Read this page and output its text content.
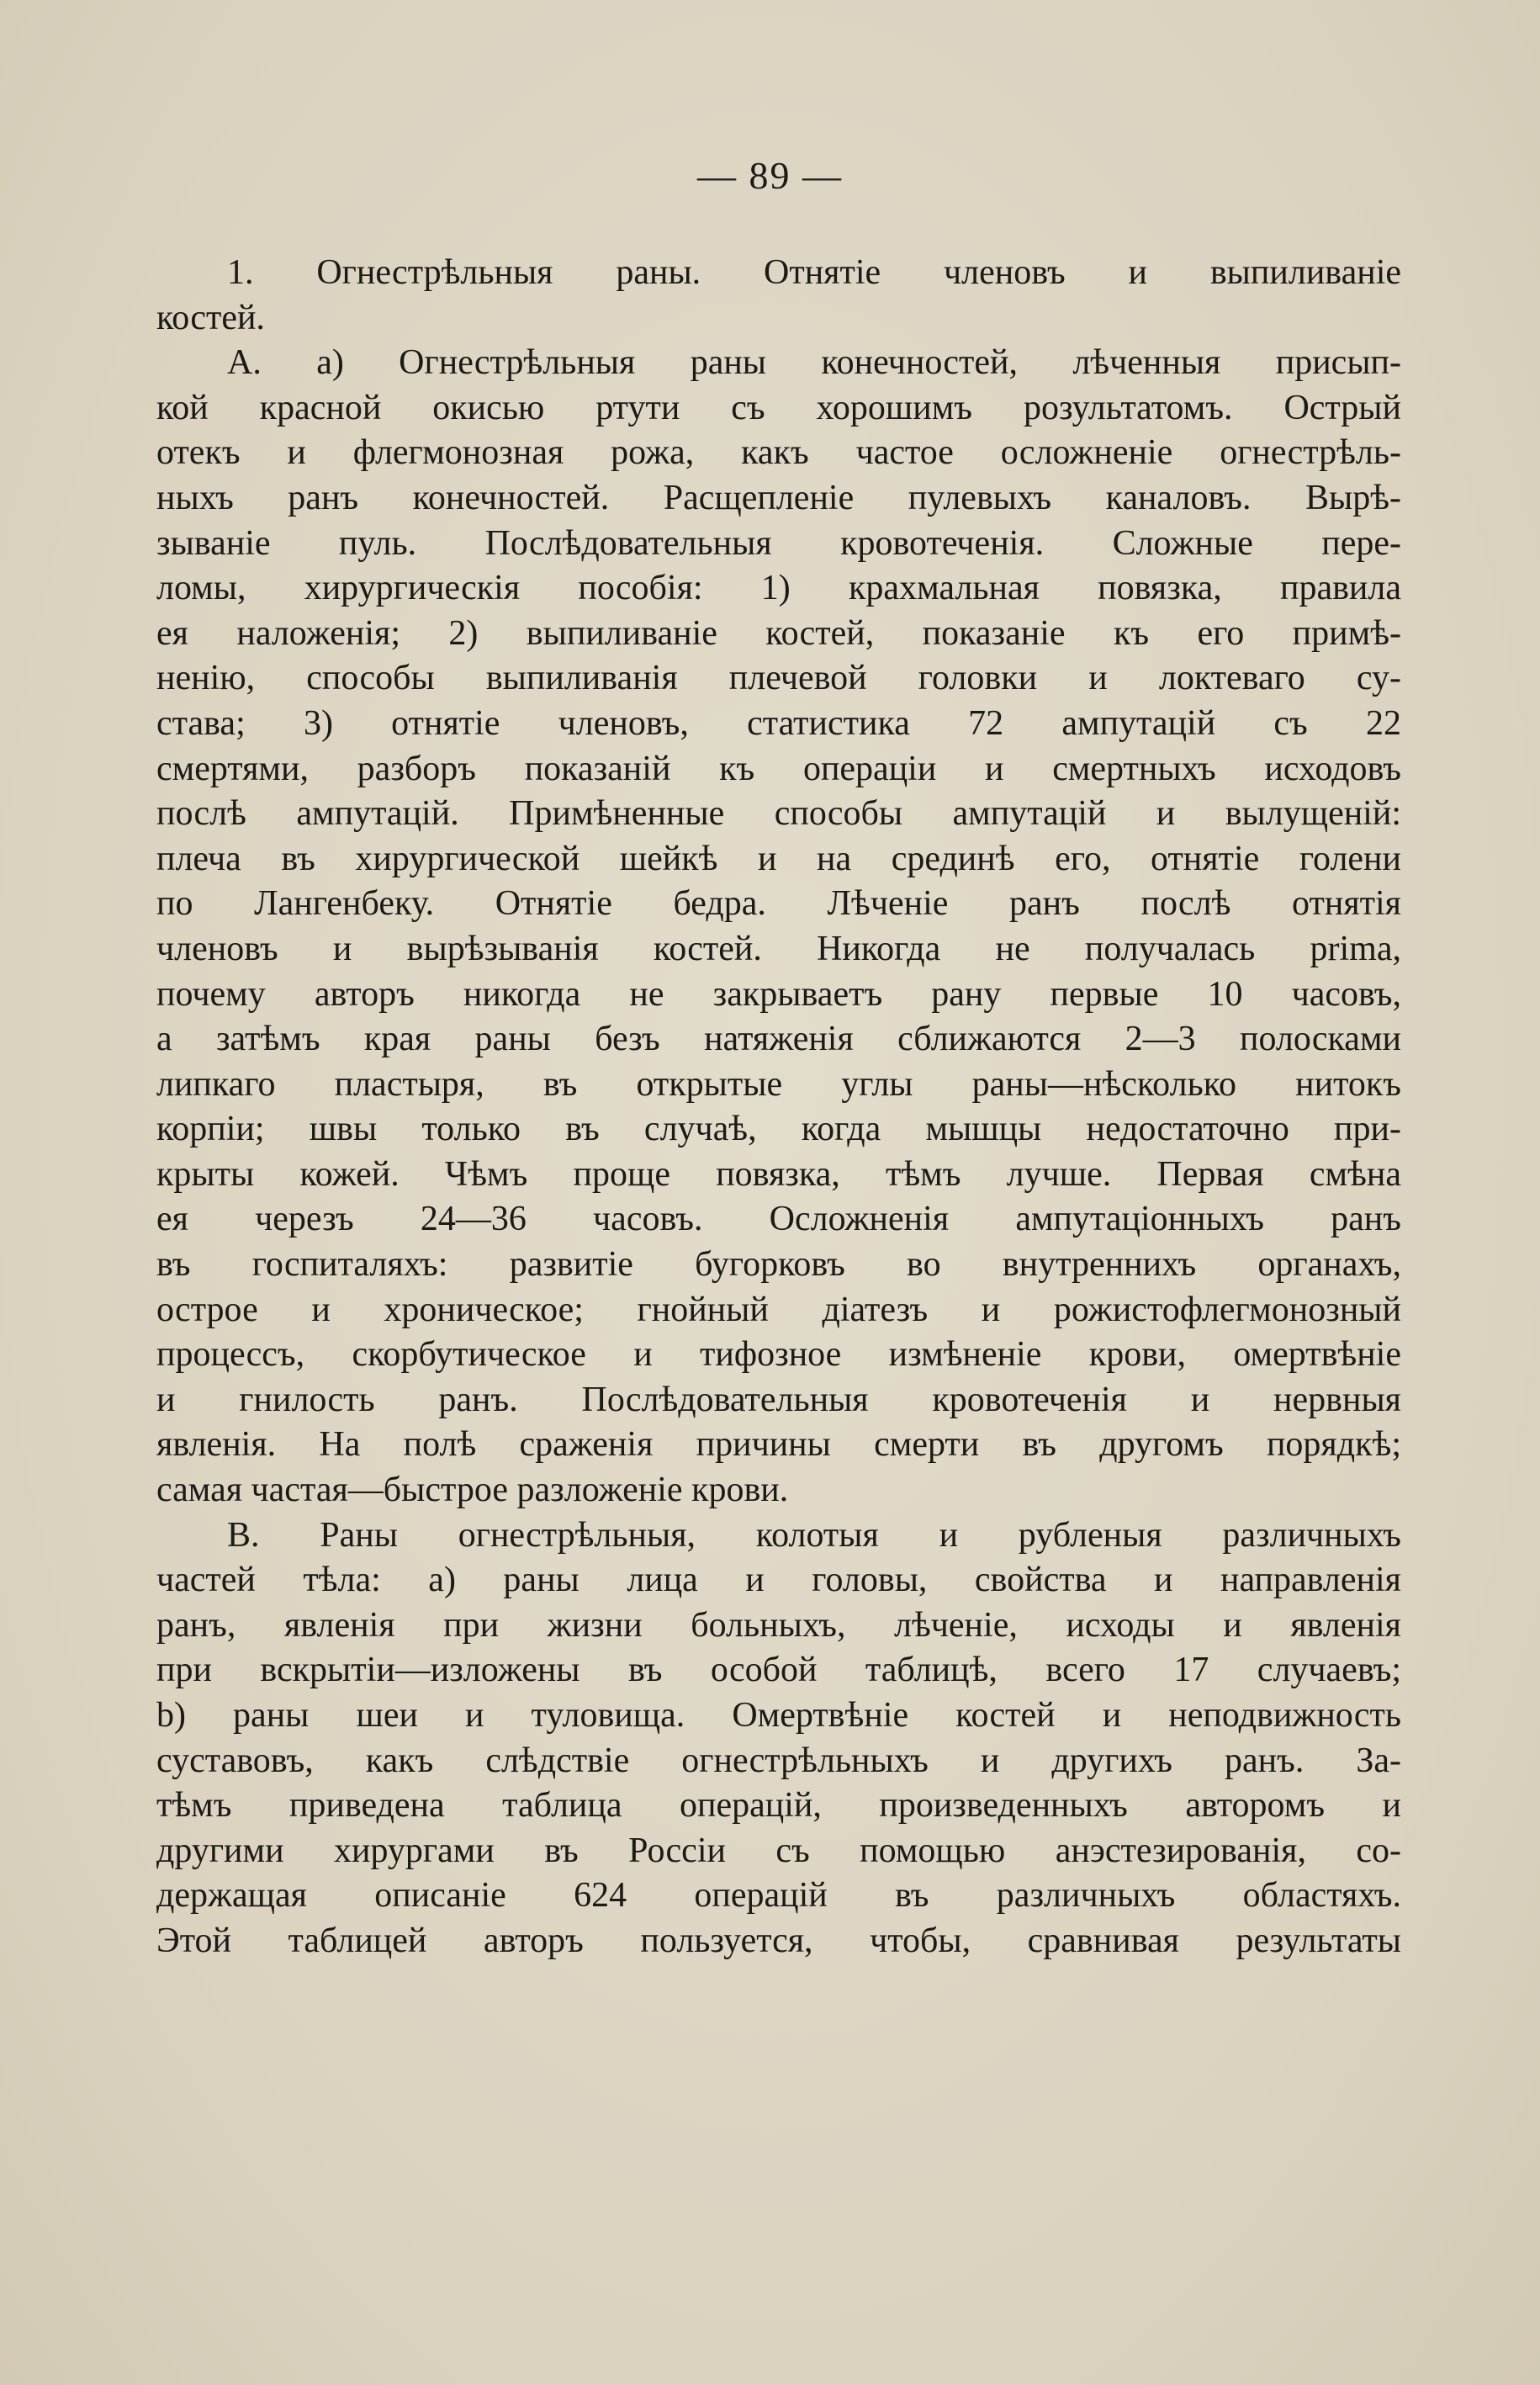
— 89 —
1. Огнестрѣльныя раны. Отнятіе членовъ и выпиливаніе
костей.
А. а) Огнестрѣльныя раны конечностей, лѣченныя присып-
кой красной окисью ртути съ хорошимъ розультатомъ. Острый
отекъ и флегмонозная рожа, какъ частое осложненіе огнестрѣль-
ныхъ ранъ конечностей. Расщепленіе пулевыхъ каналовъ. Вырѣ-
зываніе пуль. Послѣдовательныя кровотеченія. Сложные пере-
ломы, хирургическія пособія: 1) крахмальная повязка, правила
ея наложенія; 2) выпиливаніе костей, показаніе къ его примѣ-
ненію, способы выпиливанія плечевой головки и локтеваго су-
става; 3) отнятіе членовъ, статистика 72 ампутацій съ 22
смертями, разборъ показаній къ операціи и смертныхъ исходовъ
послѣ ампутацій. Примѣненные способы ампутацій и вылущеній:
плеча въ хирургической шейкѣ и на срединѣ его, отнятіе голени
по Лангенбеку. Отнятіе бедра. Лѣченіе ранъ послѣ отнятія
членовъ и вырѣзыванія костей. Никогда не получалась prima,
почему авторъ никогда не закрываетъ рану первые 10 часовъ,
а затѣмъ края раны безъ натяженія сближаются 2—3 полосками
липкаго пластыря, въ открытые углы раны—нѣсколько нитокъ
корпіи; швы только въ случаѣ, когда мышцы недостаточно при-
крыты кожей. Чѣмъ проще повязка, тѣмъ лучше. Первая смѣна
ея черезъ 24—36 часовъ. Осложненія ампутаціонныхъ ранъ
въ госпиталяхъ: развитіе бугорковъ во внутреннихъ органахъ,
острое и хроническое; гнойный діатезъ и рожистофлегмонозный
процессъ, скорбутическое и тифозное измѣненіе крови, омертвѣніе
и гнилость ранъ. Послѣдовательныя кровотеченія и нервныя
явленія. На полѣ сраженія причины смерти въ другомъ порядкѣ;
самая частая—быстрое разложеніе крови.
В. Раны огнестрѣльныя, колотыя и рубленыя различныхъ
частей тѣла: а) раны лица и головы, свойства и направленія
ранъ, явленія при жизни больныхъ, лѣченіе, исходы и явленія
при вскрытіи—изложены въ особой таблицѣ, всего 17 случаевъ;
b) раны шеи и туловища. Омертвѣніе костей и неподвижность
суставовъ, какъ слѣдствіе огнестрѣльныхъ и другихъ ранъ. За-
тѣмъ приведена таблица операцій, произведенныхъ авторомъ и
другими хирургами въ Россіи съ помощью анэстезированія, со-
держащая описаніе 624 операцій въ различныхъ областяхъ.
Этой таблицей авторъ пользуется, чтобы, сравнивая результаты
